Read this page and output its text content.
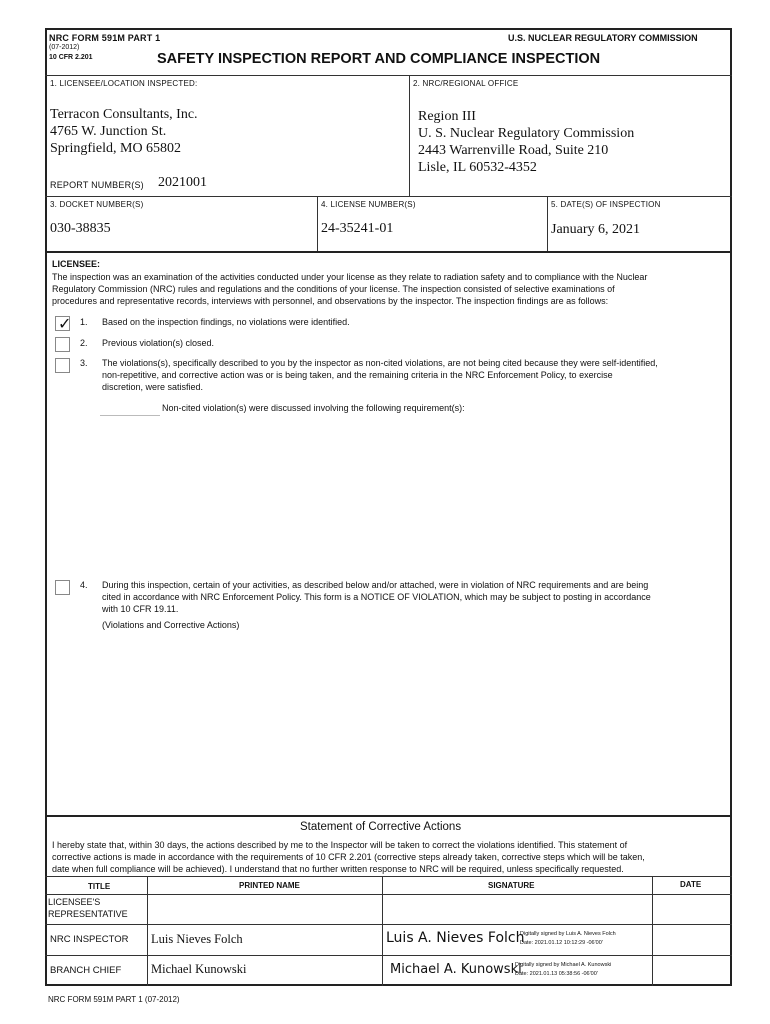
NRC FORM 591M PART 1
(07-2012)
10 CFR 2.201
U.S. NUCLEAR REGULATORY COMMISSION
SAFETY INSPECTION REPORT AND COMPLIANCE INSPECTION
1. LICENSEE/LOCATION INSPECTED:
Terracon Consultants, Inc.
4765 W. Junction St.
Springfield, MO 65802
REPORT NUMBER(S) 2021001
2. NRC/REGIONAL OFFICE
Region III
U. S. Nuclear Regulatory Commission
2443 Warrenville Road, Suite 210
Lisle, IL 60532-4352
3. DOCKET NUMBER(S)
030-38835
4. LICENSE NUMBER(S)
24-35241-01
5. DATE(S) OF INSPECTION
January 6, 2021
LICENSEE:
The inspection was an examination of the activities conducted under your license as they relate to radiation safety and to compliance with the Nuclear
Regulatory Commission (NRC) rules and regulations and the conditions of your license. The inspection consisted of selective examinations of
procedures and representative records, interviews with personnel, and observations by the inspector. The inspection findings are as follows:
✓ 1. Based on the inspection findings, no violations were identified.
2. Previous violation(s) closed.
3. The violations(s), specifically described to you by the inspector as non-cited violations, are not being cited because they were self-identified,
non-repetitive, and corrective action was or is being taken, and the remaining criteria in the NRC Enforcement Policy, to exercise
discretion, were satisfied.
Non-cited violation(s) were discussed involving the following requirement(s):
4. During this inspection, certain of your activities, as described below and/or attached, were in violation of NRC requirements and are being
cited in accordance with NRC Enforcement Policy. This form is a NOTICE OF VIOLATION, which may be subject to posting in accordance
with 10 CFR 19.11.
(Violations and Corrective Actions)
Statement of Corrective Actions
I hereby state that, within 30 days, the actions described by me to the Inspector will be taken to correct the violations identified. This statement of
corrective actions is made in accordance with the requirements of 10 CFR 2.201 (corrective steps already taken, corrective steps which will be taken,
date when full compliance will be achieved). I understand that no further written response to NRC will be required, unless specifically requested.
TITLE	PRINTED NAME	SIGNATURE	DATE
LICENSEE'S
REPRESENTATIVE
NRC INSPECTOR Luis Nieves Folch	Luis A. Nieves Folch
Digitally signed by Luis A. Nieves Folch
Date: 2021.01.12 10:12:29 -06'00'
BRANCH CHIEF Michael Kunowski	Michael A. Kunowski
Digitally signed by Michael A. Kunowski
Date: 2021.01.13 05:38:56 -06'00'
NRC FORM 591M PART 1 (07-2012)
